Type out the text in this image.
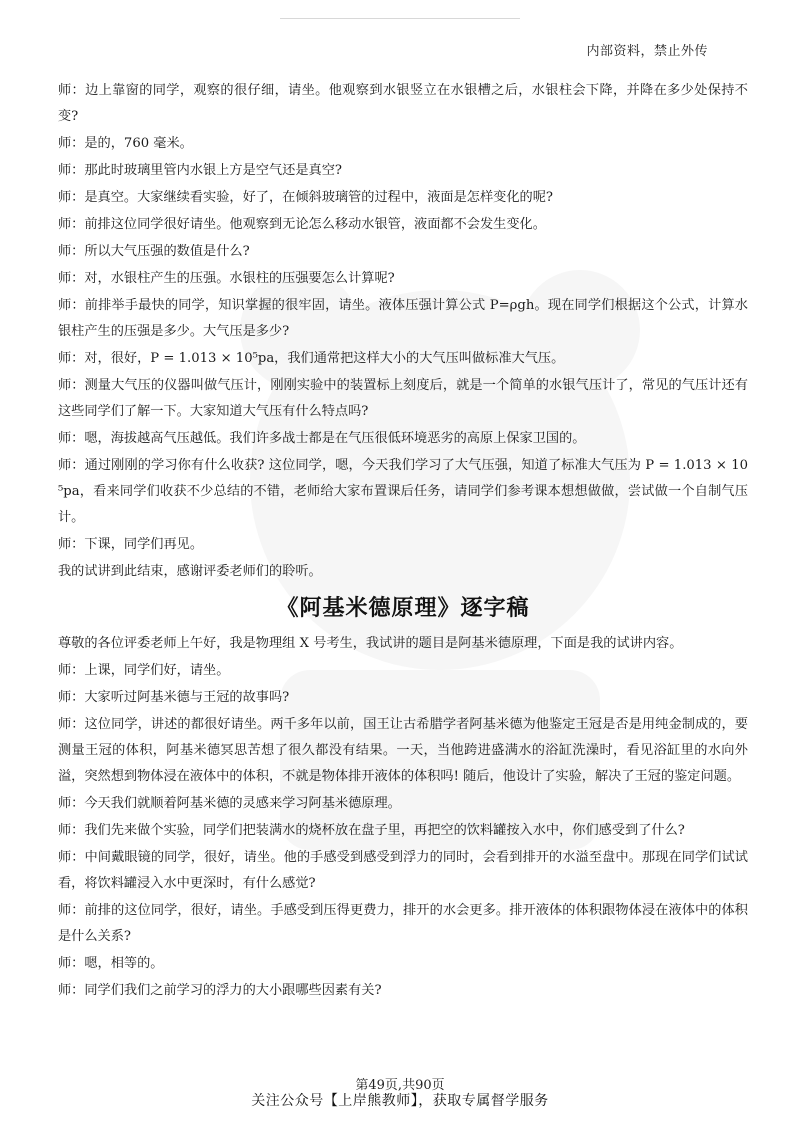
内部资料，禁止外传

师：边上靠窗的同学，观察的很仔细，请坐。他观察到水银竖立在水银槽之后，水银柱会下降，并降在多少处保持不变?

师：是的，760 毫米。

师：那此时玻璃里管内水银上方是空气还是真空?

师：是真空。大家继续看实验，好了，在倾斜玻璃管的过程中，液面是怎样变化的呢?

师：前排这位同学很好请坐。他观察到无论怎么移动水银管，液面都不会发生变化。

师：所以大气压强的数值是什么?

师：对，水银柱产生的压强。水银柱的压强要怎么计算呢?

师：前排举手最快的同学，知识掌握的很牢固，请坐。液体压强计算公式 P=ρgh。现在同学们根据这个公式，计算水银柱产生的压强是多少。大气压是多少?

师：对，很好，P = 1.013 × 10⁵pa，我们通常把这样大小的大气压叫做标准大气压。

师：测量大气压的仪器叫做气压计，刚刚实验中的装置标上刻度后，就是一个简单的水银气压计了，常见的气压计还有这些同学们了解一下。大家知道大气压有什么特点吗?

师：嗯，海拔越高气压越低。我们许多战士都是在气压很低环境恶劣的高原上保家卫国的。

师：通过刚刚的学习你有什么收获? 这位同学，嗯，今天我们学习了大气压强，知道了标准大气压为 P = 1.013 × 10⁵pa，看来同学们收获不少总结的不错，老师给大家布置课后任务，请同学们参考课本想想做做，尝试做一个自制气压计。

师：下课，同学们再见。

我的试讲到此结束，感谢评委老师们的聆听。

《阿基米德原理》逐字稿

尊敬的各位评委老师上午好，我是物理组 X 号考生，我试讲的题目是阿基米德原理，下面是我的试讲内容。

师：上课，同学们好，请坐。

师：大家听过阿基米德与王冠的故事吗?

师：这位同学，讲述的都很好请坐。两千多年以前，国王让古希腊学者阿基米德为他鉴定王冠是否是用纯金制成的，要测量王冠的体积，阿基米德冥思苦想了很久都没有结果。一天，当他跨进盛满水的浴缸洗澡时，看见浴缸里的水向外溢，突然想到物体浸在液体中的体积，不就是物体排开液体的体积吗! 随后，他设计了实验，解决了王冠的鉴定问题。

师：今天我们就顺着阿基米德的灵感来学习阿基米德原理。

师：我们先来做个实验，同学们把装满水的烧杯放在盘子里，再把空的饮料罐按入水中，你们感受到了什么?

师：中间戴眼镜的同学，很好，请坐。他的手感受到感受到浮力的同时，会看到排开的水溢至盘中。那现在同学们试试看，将饮料罐浸入水中更深时，有什么感觉?

师：前排的这位同学，很好，请坐。手感受到压得更费力，排开的水会更多。排开液体的体积跟物体浸在液体中的体积是什么关系?

师：嗯，相等的。

师：同学们我们之前学习的浮力的大小跟哪些因素有关?

第49页,共90页
关注公众号【上岸熊教师】，获取专属督学服务
